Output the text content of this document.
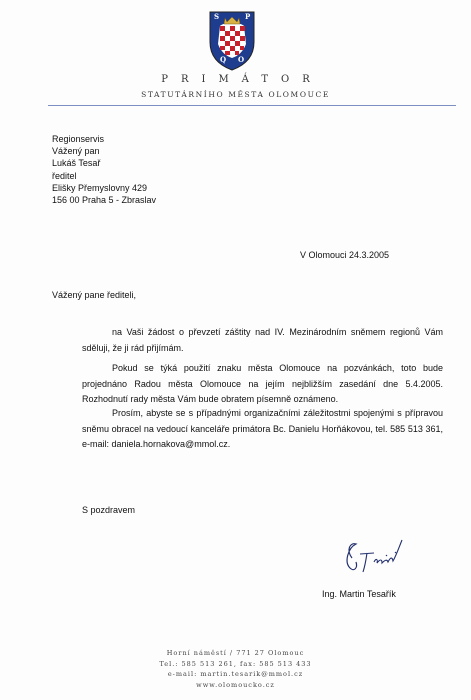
S	P
Q O
PRIMÁTOR
STATUTÁRNÍHO MĚSTA OLOMOUCE
Regionservis
Vážený pan
Lukáš Tesař
ředitel
Elišky Přemyslovny 429
156 00 Praha 5 - Zbraslav
V Olomouci 24.3.2005
Vážený pane řediteli,
na Vaši žádost o převzetí záštity nad IV. Mezinárodním sněmem regionů Vám sděluji, že ji rád přijímám.
Pokud se týká použití znaku města Olomouce na pozvánkách, toto bude projednáno Radou města Olomouce na jejím nejbližším zasedání dne 5.4.2005. Rozhodnutí rady města Vám bude obratem písemně oznámeno.
Prosím, abyste se s případnými organizačními záležitostmi spojenými s přípravou sněmu obracel na vedoucí kanceláře primátora Bc. Danielu Horňákovou, tel. 585 513 361, e-mail: daniela.hornakova@mmol.cz.
S pozdravem
Ing. Martin Tesařík
Horní náměstí / 771 27 Olomouc
Tel.: 585 513 261, fax: 585 513 433
e-mail: martin.tesarik@mmol.cz
www.olomoucko.cz
